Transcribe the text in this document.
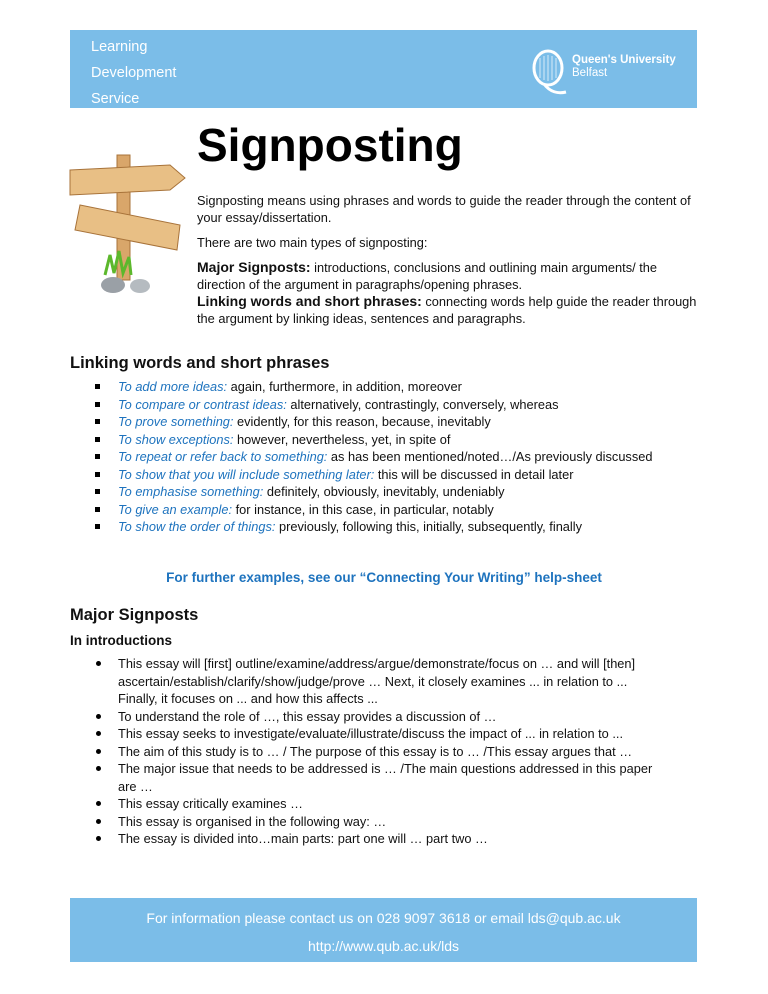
Learning
Development
Service
Queen's University
Belfast
Signposting

Signposting means using phrases and words to guide the reader through the content of your essay/dissertation.

There are two main types of signposting:

Major Signposts: introductions, conclusions and outlining main arguments/ the direction of the argument in paragraphs/opening phrases.
Linking words and short phrases: connecting words help guide the reader through the argument by linking ideas, sentences and paragraphs.
Linking words and short phrases
To add more ideas: again, furthermore, in addition, moreover
To compare or contrast ideas: alternatively, contrastingly, conversely, whereas
To prove something: evidently, for this reason, because, inevitably
To show exceptions: however, nevertheless, yet, in spite of
To repeat or refer back to something: as has been mentioned/noted…/As previously discussed
To show that you will include something later: this will be discussed in detail later
To emphasise something: definitely, obviously, inevitably, undeniably
To give an example: for instance, in this case, in particular, notably
To show the order of things: previously, following this, initially, subsequently, finally
For further examples, see our “Connecting Your Writing” help-sheet
Major Signposts
In introductions
This essay will [first] outline/examine/address/argue/demonstrate/focus on … and will [then] ascertain/establish/clarify/show/judge/prove … Next, it closely examines ... in relation to ... Finally, it focuses on ... and how this affects ...
To understand the role of …, this essay provides a discussion of …
This essay seeks to investigate/evaluate/illustrate/discuss the impact of ... in relation to ...
The aim of this study is to … / The purpose of this essay is to … /This essay argues that …
The major issue that needs to be addressed is … /The main questions addressed in this paper are …
This essay critically examines …
This essay is organised in the following way: …
The essay is divided into…main parts: part one will … part two …
For information please contact us on 028 9097 3618 or email lds@qub.ac.uk
http://www.qub.ac.uk/lds
